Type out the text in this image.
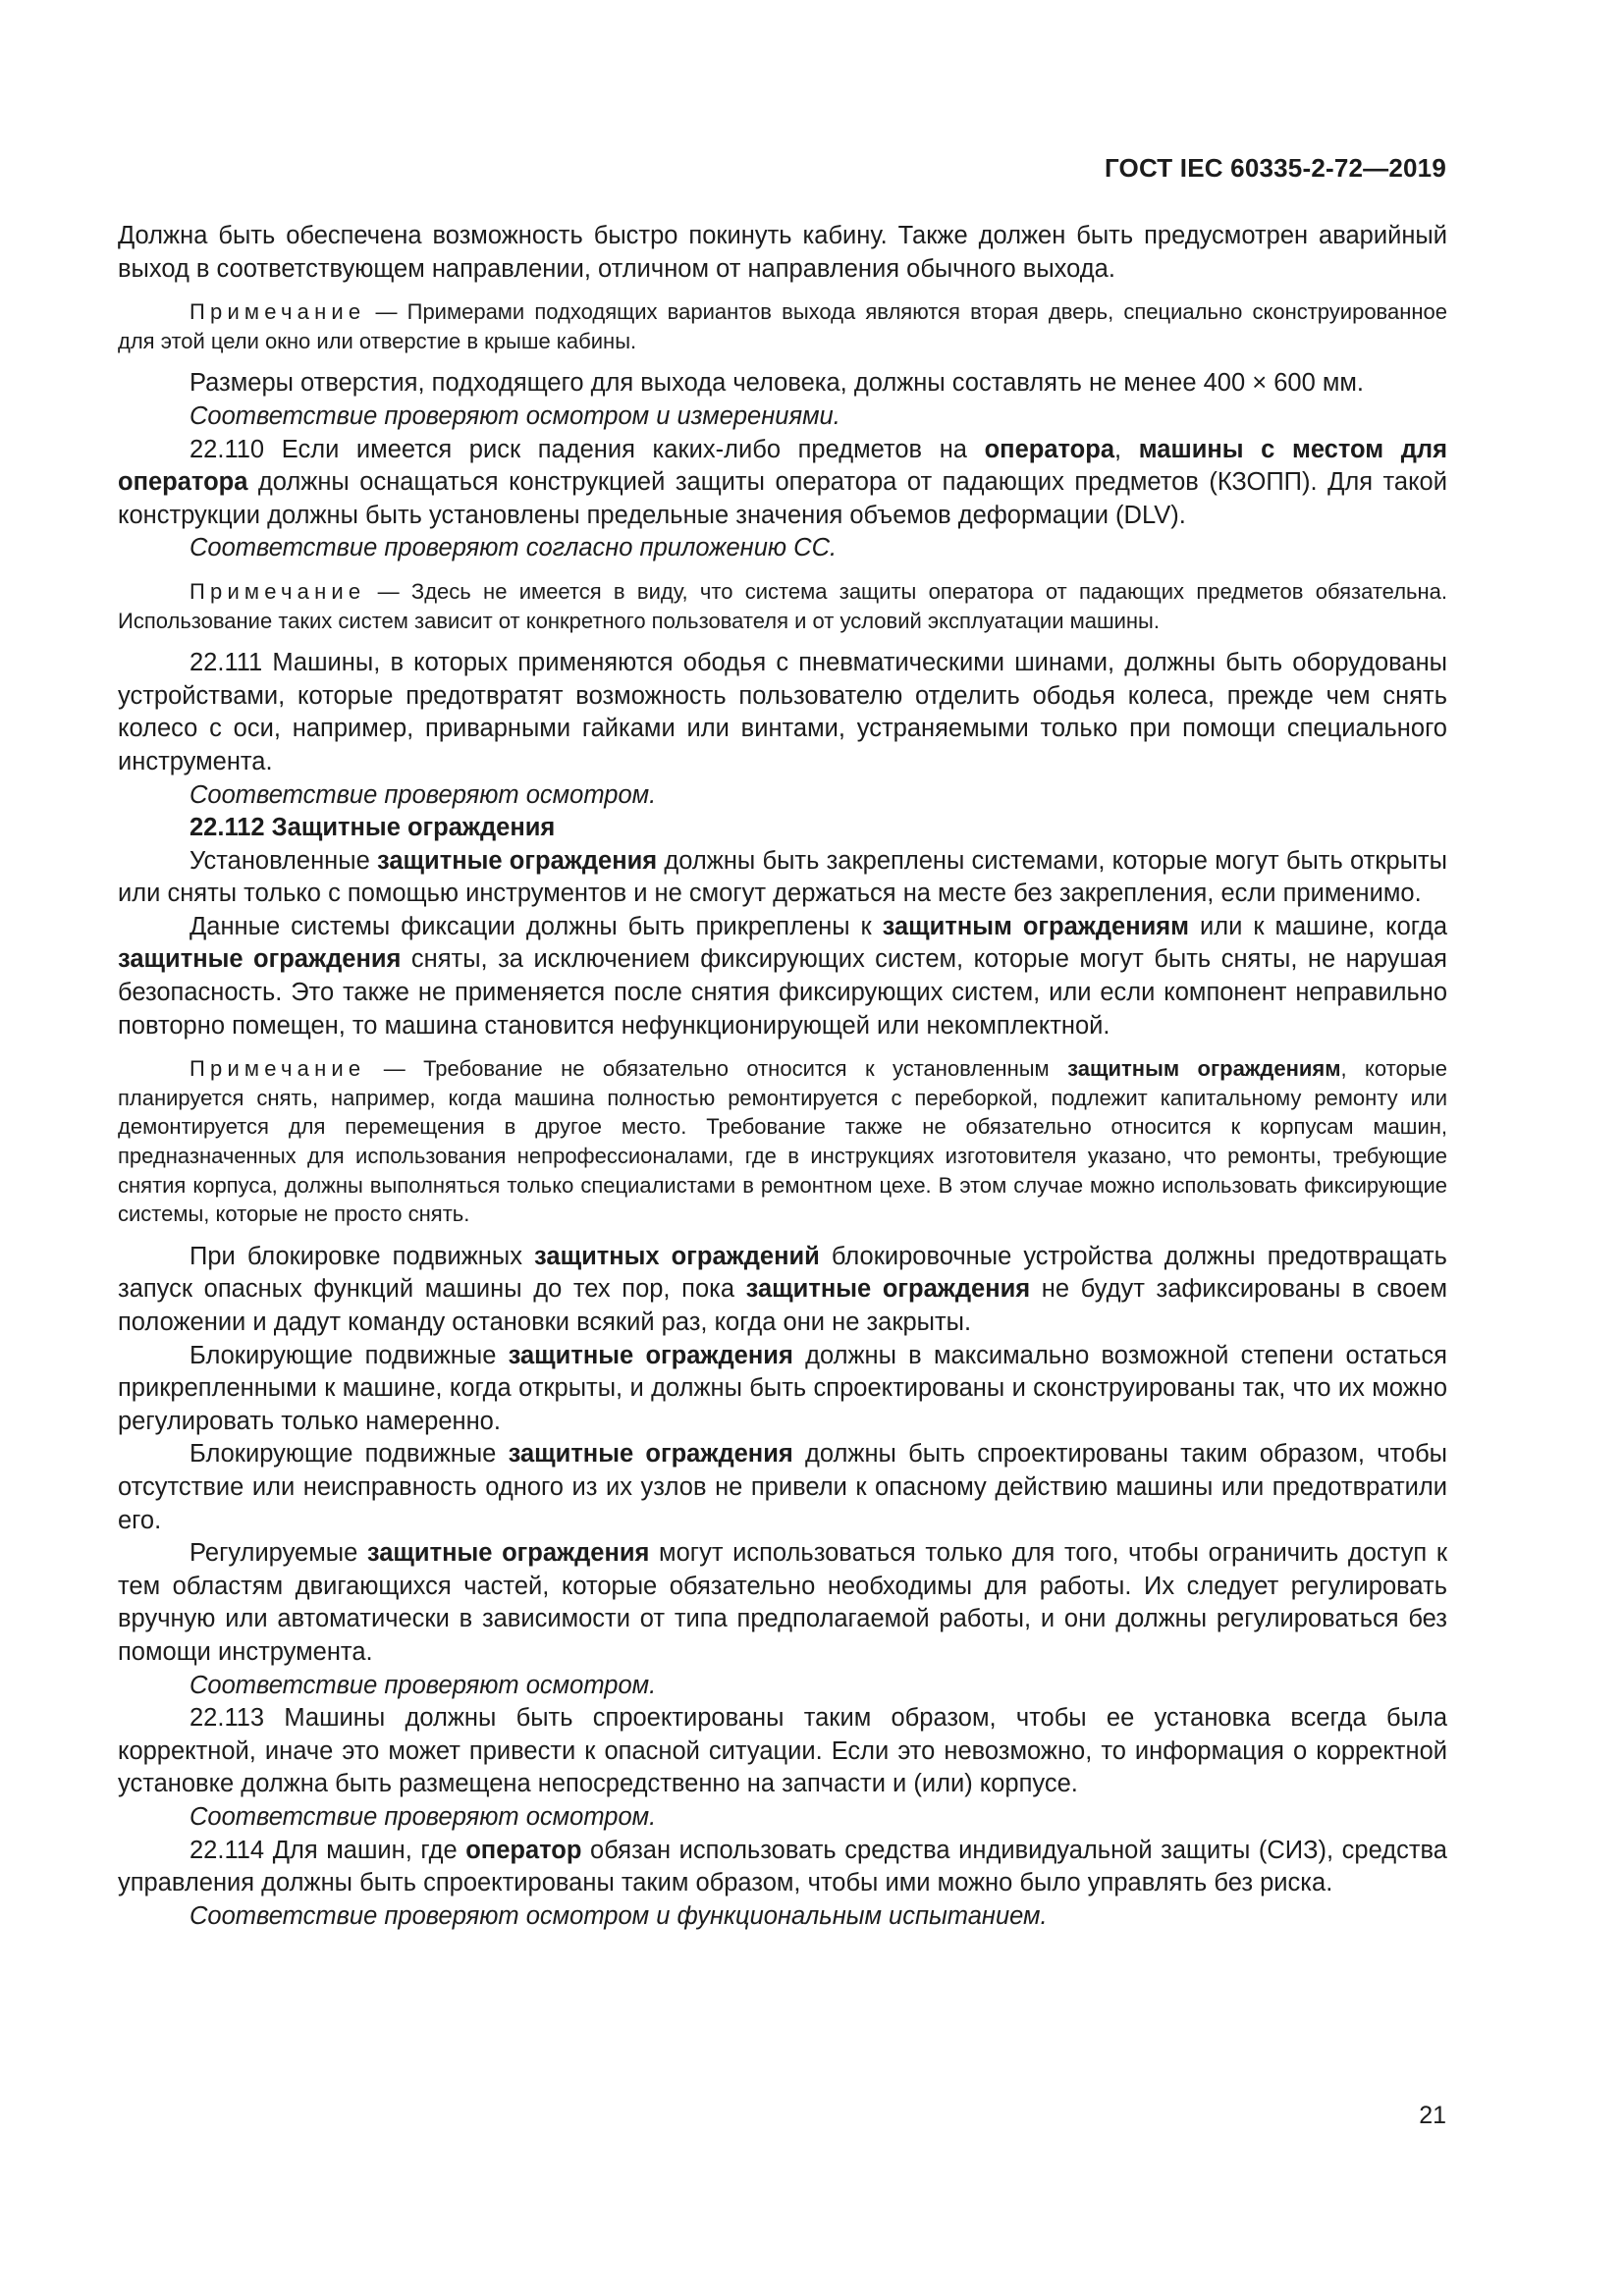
ГОСТ IEC 60335-2-72—2019

Должна быть обеспечена возможность быстро покинуть кабину. Также должен быть предусмотрен аварийный выход в соответствующем направлении, отличном от направления обычного выхода.

Примечание — Примерами подходящих вариантов выхода являются вторая дверь, специально сконструированное для этой цели окно или отверстие в крыше кабины.

Размеры отверстия, подходящего для выхода человека, должны составлять не менее 400 × 600 мм.

Соответствие проверяют осмотром и измерениями.

22.110 Если имеется риск падения каких-либо предметов на оператора, машины с местом для оператора должны оснащаться конструкцией защиты оператора от падающих предметов (КЗОПП). Для такой конструкции должны быть установлены предельные значения объемов деформации (DLV).

Соответствие проверяют согласно приложению CC.

Примечание — Здесь не имеется в виду, что система защиты оператора от падающих предметов обязательна. Использование таких систем зависит от конкретного пользователя и от условий эксплуатации машины.

22.111 Машины, в которых применяются ободья с пневматическими шинами, должны быть оборудованы устройствами, которые предотвратят возможность пользователю отделить ободья колеса, прежде чем снять колесо с оси, например, приварными гайками или винтами, устраняемыми только при помощи специального инструмента.

Соответствие проверяют осмотром.

22.112 Защитные ограждения

Установленные защитные ограждения должны быть закреплены системами, которые могут быть открыты или сняты только с помощью инструментов и не смогут держаться на месте без закрепления, если применимо.

Данные системы фиксации должны быть прикреплены к защитным ограждениям или к машине, когда защитные ограждения сняты, за исключением фиксирующих систем, которые могут быть сняты, не нарушая безопасность. Это также не применяется после снятия фиксирующих систем, или если компонент неправильно повторно помещен, то машина становится нефункционирующей или некомплектной.

Примечание — Требование не обязательно относится к установленным защитным ограждениям, которые планируется снять, например, когда машина полностью ремонтируется с переборкой, подлежит капитальному ремонту или демонтируется для перемещения в другое место. Требование также не обязательно относится к корпусам машин, предназначенных для использования непрофессионалами, где в инструкциях изготовителя указано, что ремонты, требующие снятия корпуса, должны выполняться только специалистами в ремонтном цехе. В этом случае можно использовать фиксирующие системы, которые не просто снять.

При блокировке подвижных защитных ограждений блокировочные устройства должны предотвращать запуск опасных функций машины до тех пор, пока защитные ограждения не будут зафиксированы в своем положении и дадут команду остановки всякий раз, когда они не закрыты.

Блокирующие подвижные защитные ограждения должны в максимально возможной степени остаться прикрепленными к машине, когда открыты, и должны быть спроектированы и сконструированы так, что их можно регулировать только намеренно.

Блокирующие подвижные защитные ограждения должны быть спроектированы таким образом, чтобы отсутствие или неисправность одного из их узлов не привели к опасному действию машины или предотвратили его.

Регулируемые защитные ограждения могут использоваться только для того, чтобы ограничить доступ к тем областям двигающихся частей, которые обязательно необходимы для работы. Их следует регулировать вручную или автоматически в зависимости от типа предполагаемой работы, и они должны регулироваться без помощи инструмента.

Соответствие проверяют осмотром.

22.113 Машины должны быть спроектированы таким образом, чтобы ее установка всегда была корректной, иначе это может привести к опасной ситуации. Если это невозможно, то информация о корректной установке должна быть размещена непосредственно на запчасти и (или) корпусе.

Соответствие проверяют осмотром.

22.114 Для машин, где оператор обязан использовать средства индивидуальной защиты (СИЗ), средства управления должны быть спроектированы таким образом, чтобы ими можно было управлять без риска.

Соответствие проверяют осмотром и функциональным испытанием.

21
